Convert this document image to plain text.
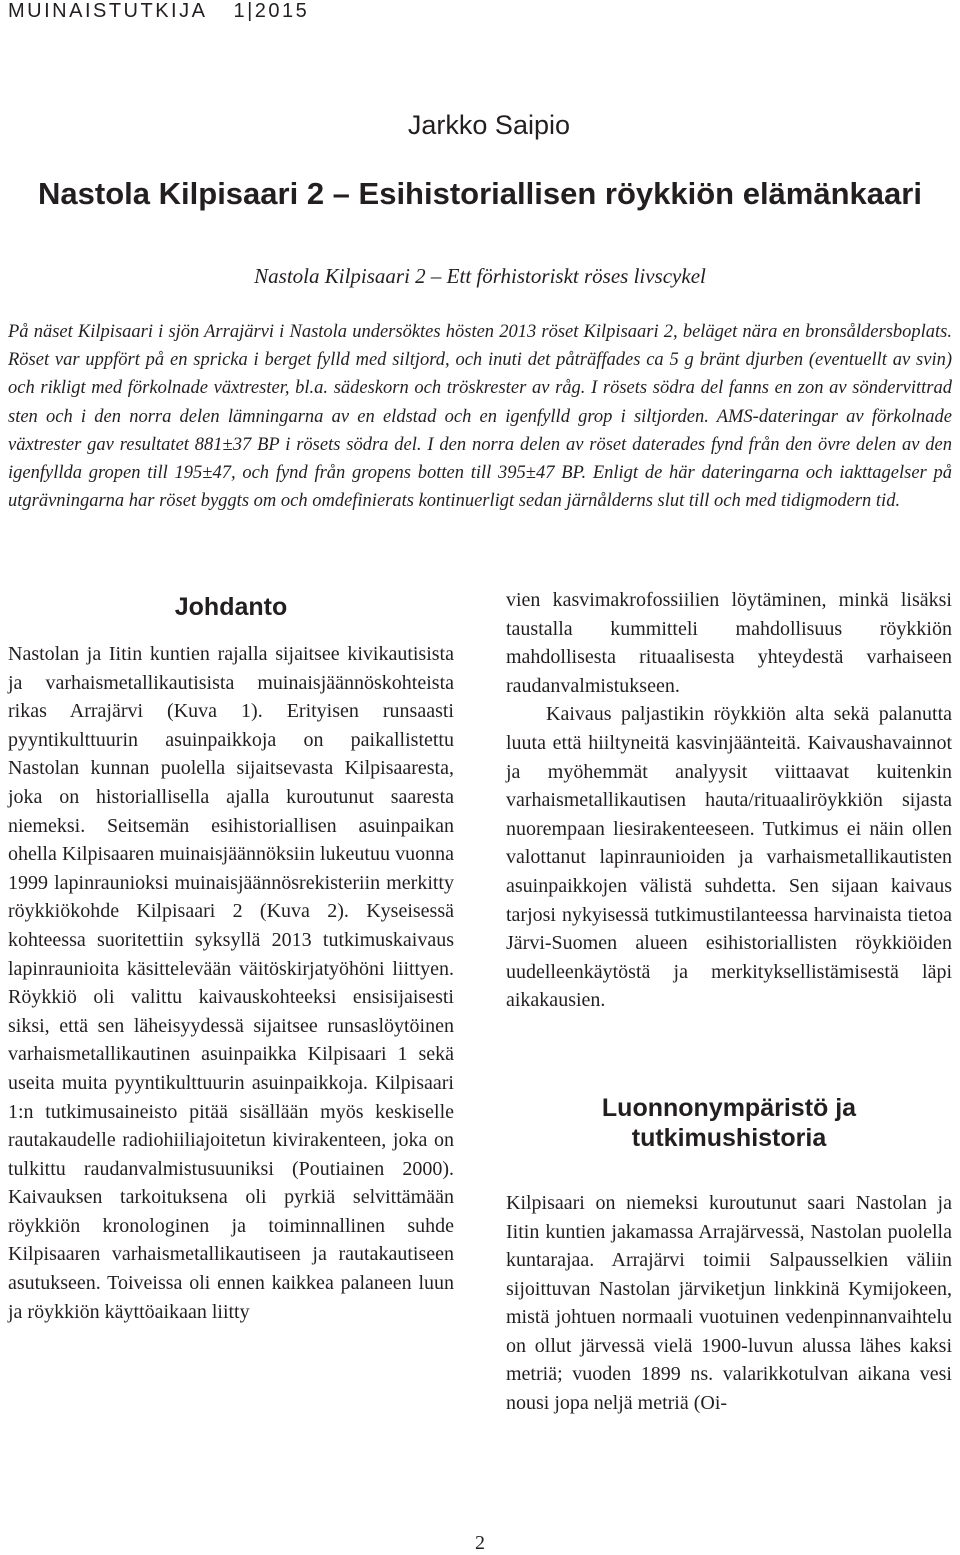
MUINAISTUTKIJA 1|2015
Jarkko Saipio
Nastola Kilpisaari 2 – Esihistoriallisen röykkiön elämänkaari

Nastola Kilpisaari 2 – Ett förhistoriskt röses livscykel

På näset Kilpisaari i sjön Arrajärvi i Nastola undersöktes hösten 2013 röset Kilpisaari 2, beläget nära en bronsåldersboplats. Röset var uppfört på en spricka i berget fylld med siltjord, och inuti det påträffades ca 5 g bränt djurben (eventuellt av svin) och rikligt med förkolnade växtrester, bl.a. sädeskorn och tröskrester av råg. I rösets södra del fanns en zon av söndervittrad sten och i den norra delen lämningarna av en eldstad och en igenfylld grop i siltjorden. AMS-dateringar av förkolnade växtrester gav resultatet 881±37 BP i rösets södra del. I den norra delen av röset daterades fynd från den övre delen av den igenfyllda gropen till 195±47, och fynd från gropens botten till 395±47 BP. Enligt de här dateringarna och iakttagelser på utgrävningarna har röset byggts om och omdefinierats kontinuerligt sedan järnålderns slut till och med tidigmodern tid.

Johdanto

Nastolan ja Iitin kuntien rajalla sijaitsee kivikautisista ja varhaismetallikautisista muinaisjäännöskohteista rikas Arrajärvi (Kuva 1). Erityisen runsaasti pyyntikulttuurin asuinpaikkoja on paikallistettu Nastolan kunnan puolella sijaitsevasta Kilpisaaresta, joka on historiallisella ajalla kuroutunut saaresta niemeksi. Seitsemän esihistoriallisen asuinpaikan ohella Kilpisaaren muinaisjäännöksiin lukeutuu vuonna 1999 lapinraunioksi muinaisjäännösrekisteriin merkitty röykkiökohde Kilpisaari 2 (Kuva 2). Kyseisessä kohteessa suoritettiin syksyllä 2013 tutkimuskaivaus lapinraunioita käsittelevään väitöskirjatyöhöni liittyen. Röykkiö oli valittu kaivauskohteeksi ensisijaisesti siksi, että sen läheisyydessä sijaitsee runsaslöytöinen varhaismetallikautinen asuinpaikka Kilpisaari 1 sekä useita muita pyyntikulttuurin asuinpaikkoja. Kilpisaari 1:n tutkimusaineisto pitää sisällään myös keskiselle rautakaudelle radiohiiliajoitetun kivirakenteen, joka on tulkittu raudanvalmistusuuniksi (Poutiainen 2000). Kaivauksen tarkoituksena oli pyrkiä selvittämään röykkiön kronologinen ja toiminnallinen suhde Kilpisaaren varhaismetallikautiseen ja rautakautiseen asutukseen. Toiveissa oli ennen kaikkea palaneen luun ja röykkiön käyttöaikaan liitty

vien kasvimakrofossiilien löytäminen, minkä lisäksi taustalla kummitteli mahdollisuus röykkiön mahdollisesta rituaalisesta yhteydestä varhaiseen raudanvalmistukseen.

Kaivaus paljastikin röykkiön alta sekä palanutta luuta että hiiltyneitä kasvinjäänteitä. Kaivaushavainnot ja myöhemmät analyysit viittaavat kuitenkin varhaismetallikautisen hauta/rituaaliröykkiön sijasta nuorempaan liesirakenteeseen. Tutkimus ei näin ollen valottanut lapinraunioiden ja varhaismetallikautisten asuinpaikkojen välistä suhdetta. Sen sijaan kaivaus tarjosi nykyisessä tutkimustilanteessa harvinaista tietoa Järvi-Suomen alueen esihistoriallisten röykkiöiden uudelleenkäytöstä ja merkityksellistämisestä läpi aikakausien.

Luonnonympäristö ja tutkimushistoria

Kilpisaari on niemeksi kuroutunut saari Nastolan ja Iitin kuntien jakamassa Arrajärvessä, Nastolan puolella kuntarajaa. Arrajärvi toimii Salpausselkien väliin sijoittuvan Nastolan järviketjun linkkinä Kymijokeen, mistä johtuen normaali vuotuinen vedenpinnanvaihtelu on ollut järvessä vielä 1900-luvun alussa lähes kaksi metriä; vuoden 1899 ns. valarikkotulvan aikana vesi nousi jopa neljä metriä (Oi-

2
